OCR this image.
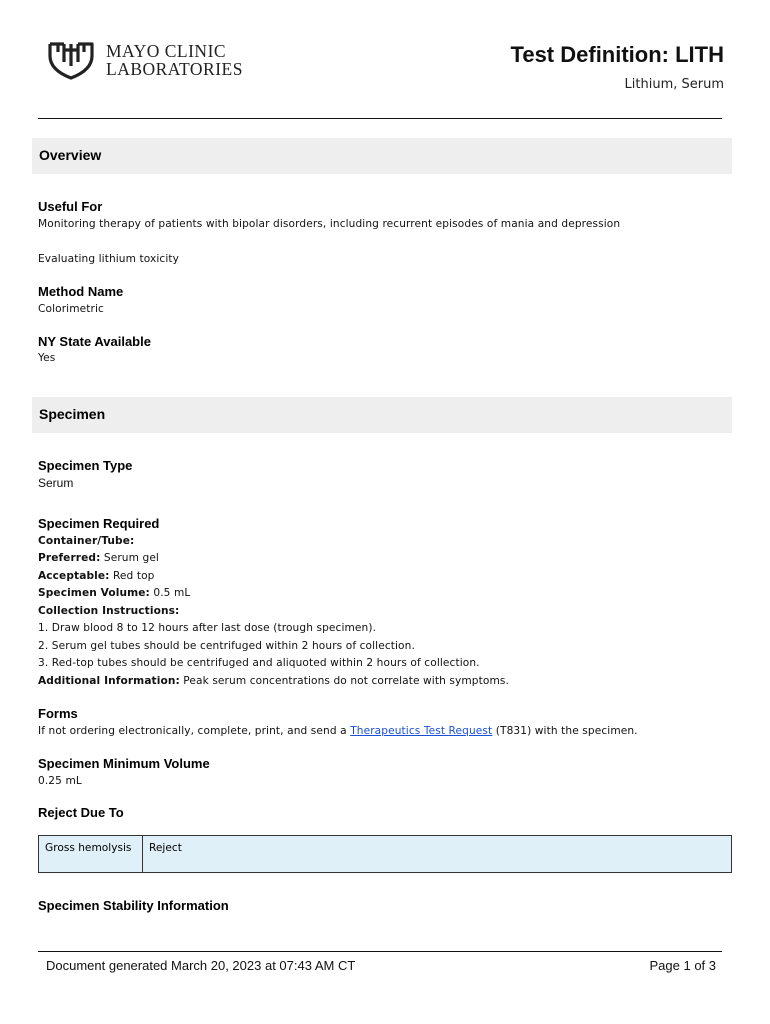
MAYO CLINIC
LABORATORIES
Test Definition: LITH
Lithium, Serum
Overview
Useful For
Monitoring therapy of patients with bipolar disorders, including recurrent episodes of mania and depression
Evaluating lithium toxicity
Method Name
Colorimetric
NY State Available
Yes
Specimen
Specimen Type
Serum
Specimen Required
Container/Tube:
Preferred: Serum gel
Acceptable: Red top
Specimen Volume: 0.5 mL
Collection Instructions:
1. Draw blood 8 to 12 hours after last dose (trough specimen).
2. Serum gel tubes should be centrifuged within 2 hours of collection.
3. Red-top tubes should be centrifuged and aliquoted within 2 hours of collection.
Additional Information: Peak serum concentrations do not correlate with symptoms.
Forms
If not ordering electronically, complete, print, and send a Therapeutics Test Request (T831) with the specimen.
Specimen Minimum Volume
0.25 mL
Reject Due To
Gross hemolysis	Reject
Specimen Stability Information
Document generated March 20, 2023 at 07:43 AM CT	Page 1 of 3
